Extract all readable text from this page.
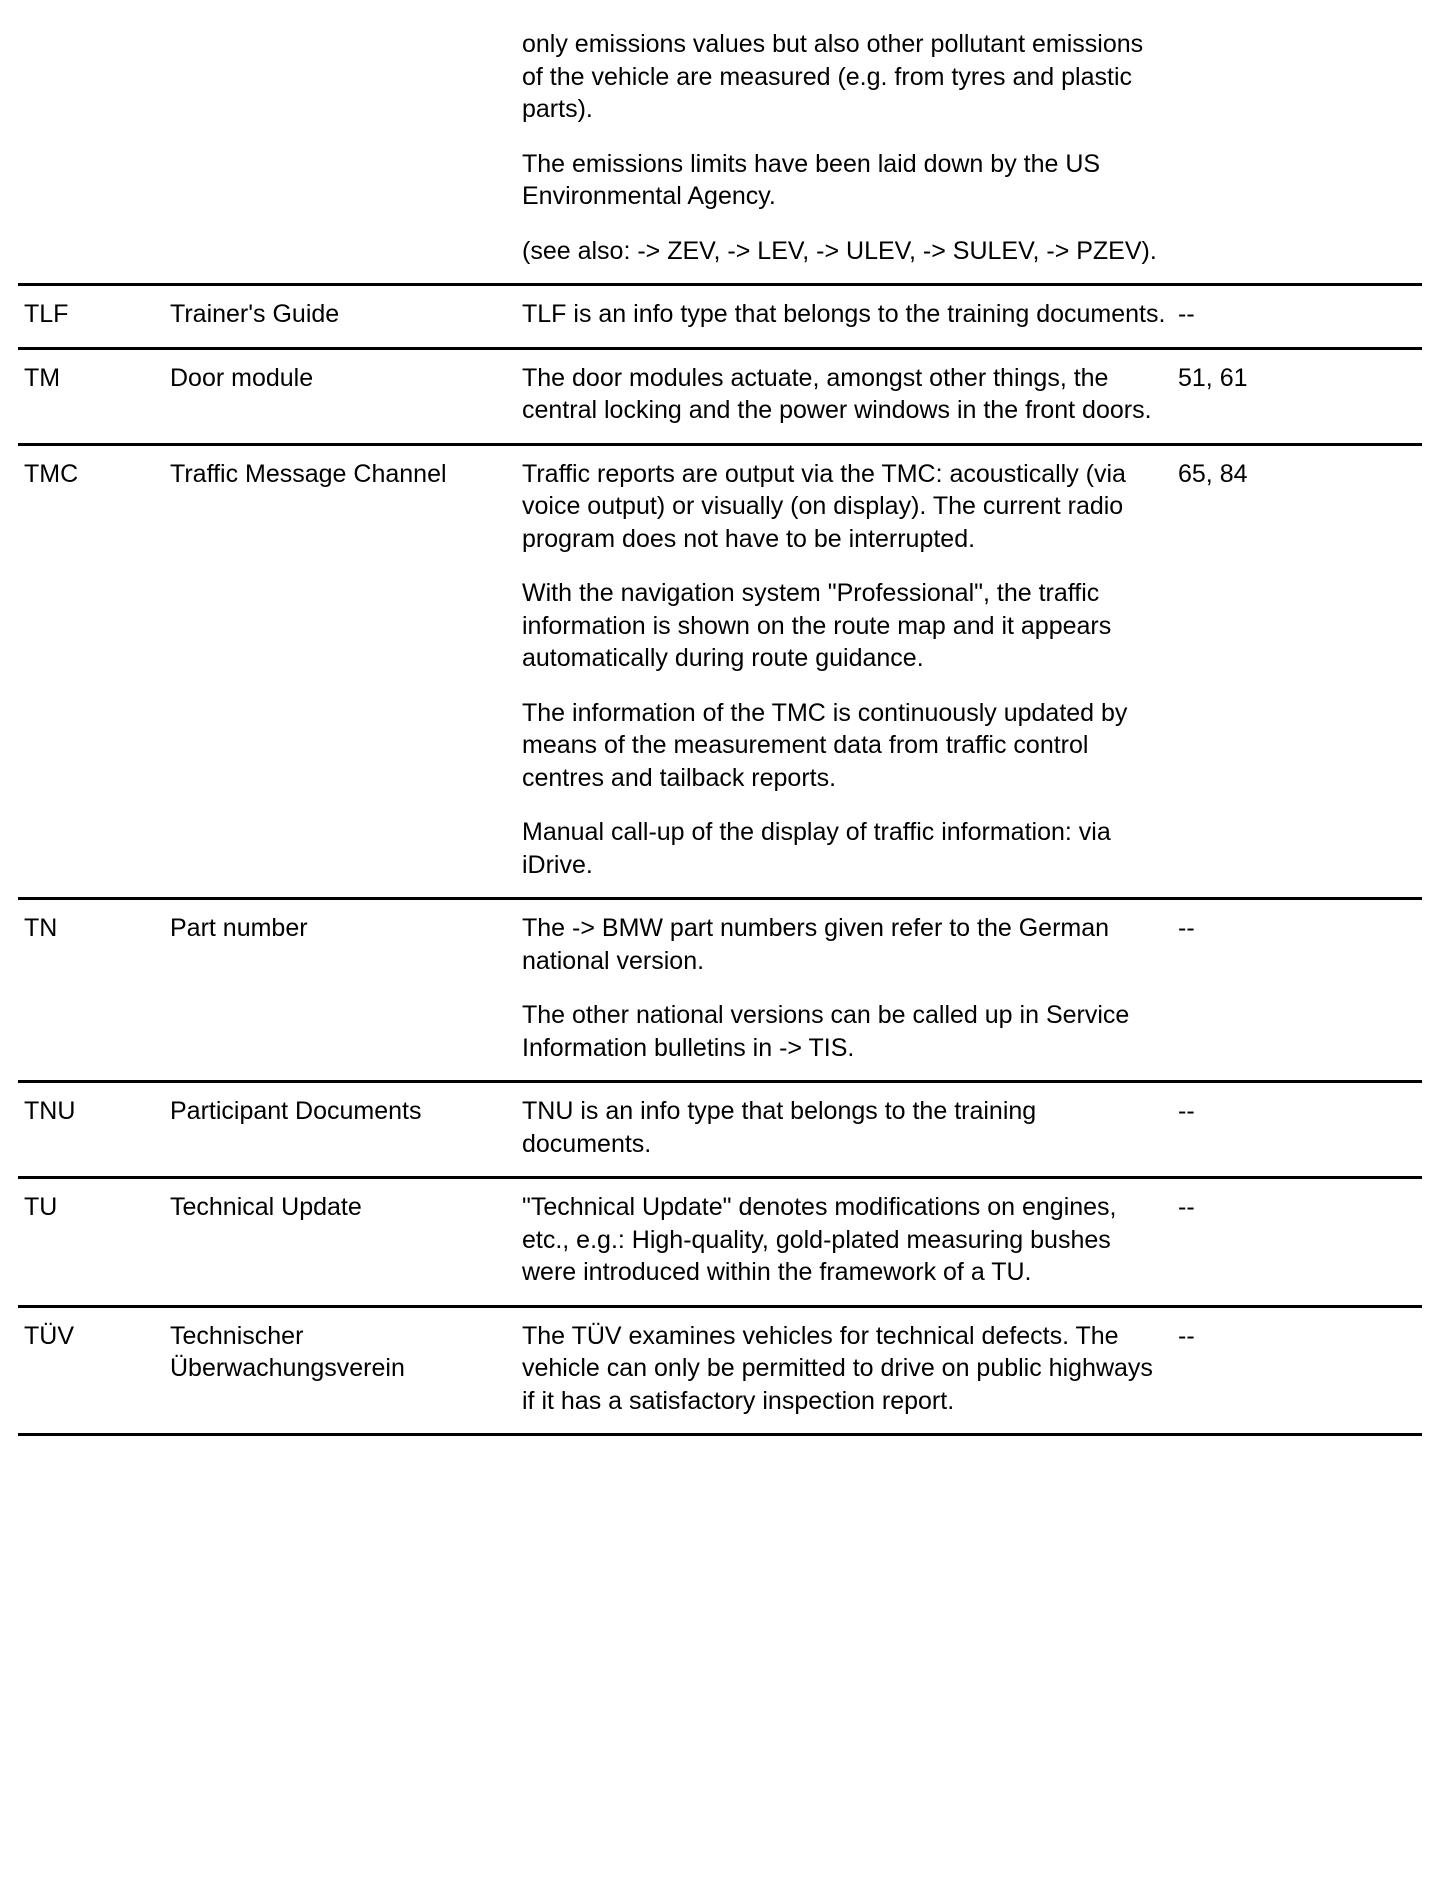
		only emissions values but also other pollutant emissions of the vehicle are measured (e.g. from tyres and plastic parts).
The emissions limits have been laid down by the US Environmental Agency.
(see also: -> ZEV, -> LEV, -> ULEV, -> SULEV, -> PZEV).	

TLF	Trainer's Guide	TLF is an info type that belongs to the training documents.	--
TM	Door module	The door modules actuate, amongst other things, the central locking and the power windows in the front doors.	51, 61
TMC	Traffic Message Channel	Traffic reports are output via the TMC: acoustically (via voice output) or visually (on display). The current radio program does not have to be interrupted.
With the navigation system "Professional", the traffic information is shown on the route map and it appears automatically during route guidance.
The information of the TMC is continuously updated by means of the measurement data from traffic control centres and tailback reports.
Manual call-up of the display of traffic information: via iDrive.	65, 84
TN	Part number	The -> BMW part numbers given refer to the German national version.
The other national versions can be called up in Service Information bulletins in -> TIS.	--
TNU	Participant Documents	TNU is an info type that belongs to the training documents.	--
TU	Technical Update	"Technical Update" denotes modifications on engines, etc., e.g.: High-quality, gold-plated measuring bushes were introduced within the framework of a TU.	--
TÜV	Technischer Überwachungsverein	The TÜV examines vehicles for technical defects. The vehicle can only be permitted to drive on public highways if it has a satisfactory inspection report.	--
